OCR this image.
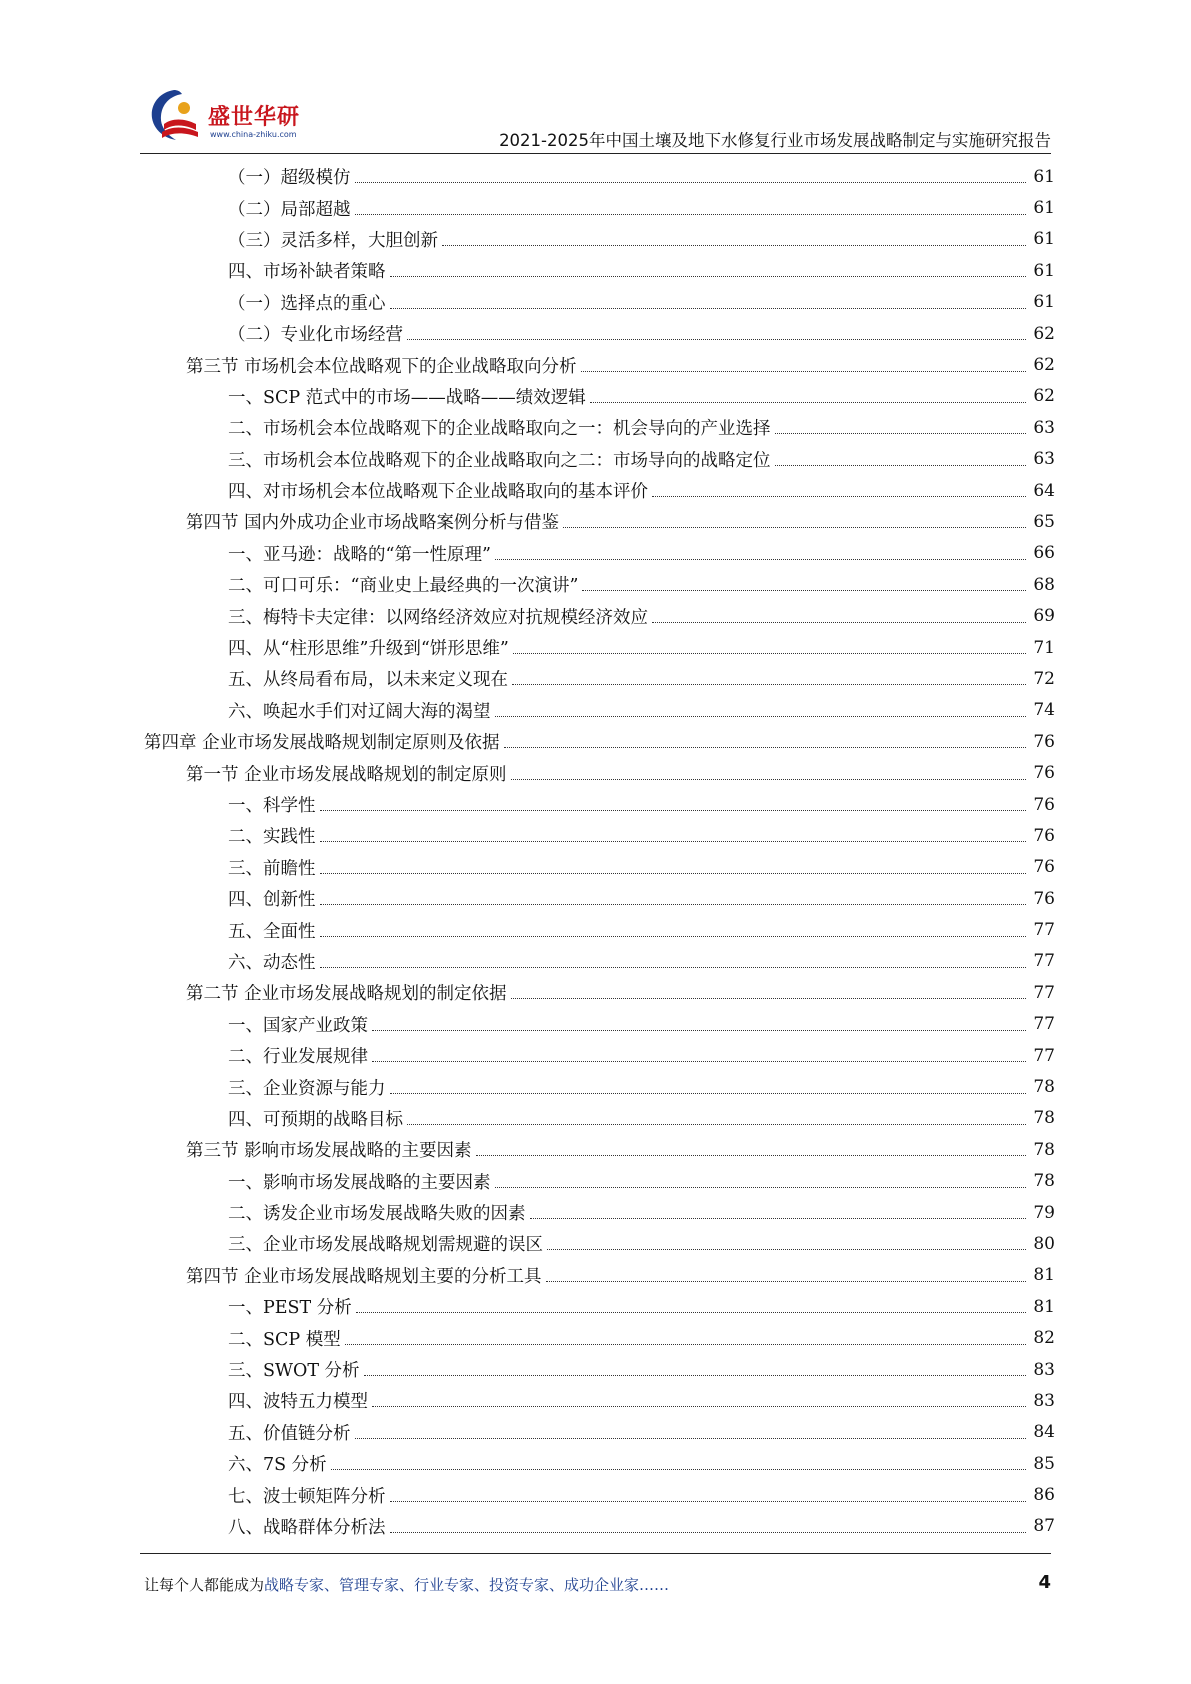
盛世华研
www.china-zhiku.com	2021-2025年中国土壤及地下水修复行业市场发展战略制定与实施研究报告
（一）超级模仿	61
（二）局部超越	61
（三）灵活多样，大胆创新	61
四、市场补缺者策略	61
（一）选择点的重心	61
（二）专业化市场经营	62
第三节 市场机会本位战略观下的企业战略取向分析	62
一、SCP 范式中的市场——战略——绩效逻辑	62
二、市场机会本位战略观下的企业战略取向之一：机会导向的产业选择	63
三、市场机会本位战略观下的企业战略取向之二：市场导向的战略定位	63
四、对市场机会本位战略观下企业战略取向的基本评价	64
第四节 国内外成功企业市场战略案例分析与借鉴	65
一、亚马逊：战略的“第一性原理”	66
二、可口可乐：“商业史上最经典的一次演讲”	68
三、梅特卡夫定律：以网络经济效应对抗规模经济效应	69
四、从“柱形思维”升级到“饼形思维”	71
五、从终局看布局，以未来定义现在	72
六、唤起水手们对辽阔大海的渴望	74
第四章 企业市场发展战略规划制定原则及依据	76
第一节 企业市场发展战略规划的制定原则	76
一、科学性	76
二、实践性	76
三、前瞻性	76
四、创新性	76
五、全面性	77
六、动态性	77
第二节 企业市场发展战略规划的制定依据	77
一、国家产业政策	77
二、行业发展规律	77
三、企业资源与能力	78
四、可预期的战略目标	78
第三节 影响市场发展战略的主要因素	78
一、影响市场发展战略的主要因素	78
二、诱发企业市场发展战略失败的因素	79
三、企业市场发展战略规划需规避的误区	80
第四节 企业市场发展战略规划主要的分析工具	81
一、PEST 分析	81
二、SCP 模型	82
三、SWOT 分析	83
四、波特五力模型	83
五、价值链分析	84
六、7S 分析	85
七、波士顿矩阵分析	86
八、战略群体分析法	87
让每个人都能成为战略专家、管理专家、行业专家、投资专家、成功企业家……	4
